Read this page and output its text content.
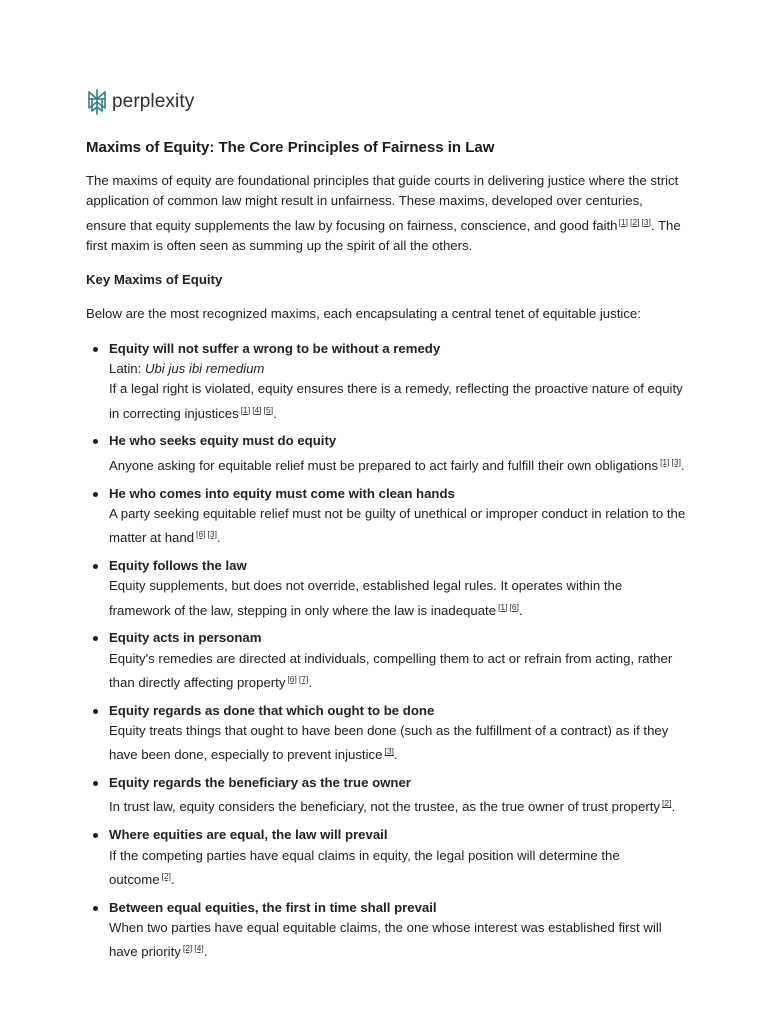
perplexity
Maxims of Equity: The Core Principles of Fairness in Law

The maxims of equity are foundational principles that guide courts in delivering justice where the strict application of common law might result in unfairness. These maxims, developed over centuries, ensure that equity supplements the law by focusing on fairness, conscience, and good faith[1] [2] [3]. The first maxim is often seen as summing up the spirit of all the others.

Key Maxims of Equity

Below are the most recognized maxims, each encapsulating a central tenet of equitable justice:

Equity will not suffer a wrong to be without a remedy
Latin: Ubi jus ibi remedium
If a legal right is violated, equity ensures there is a remedy, reflecting the proactive nature of equity in correcting injustices [1] [4] [5].
He who seeks equity must do equity
Anyone asking for equitable relief must be prepared to act fairly and fulfill their own obligations [1] [3].
He who comes into equity must come with clean hands
A party seeking equitable relief must not be guilty of unethical or improper conduct in relation to the matter at hand [6] [3].
Equity follows the law
Equity supplements, but does not override, established legal rules. It operates within the framework of the law, stepping in only where the law is inadequate [1] [6].
Equity acts in personam
Equity's remedies are directed at individuals, compelling them to act or refrain from acting, rather than directly affecting property [6] [7].
Equity regards as done that which ought to be done
Equity treats things that ought to have been done (such as the fulfillment of a contract) as if they have been done, especially to prevent injustice [3].
Equity regards the beneficiary as the true owner
In trust law, equity considers the beneficiary, not the trustee, as the true owner of trust property [2].
Where equities are equal, the law will prevail
If the competing parties have equal claims in equity, the legal position will determine the outcome [2].
Between equal equities, the first in time shall prevail
When two parties have equal equitable claims, the one whose interest was established first will have priority [2] [4].
